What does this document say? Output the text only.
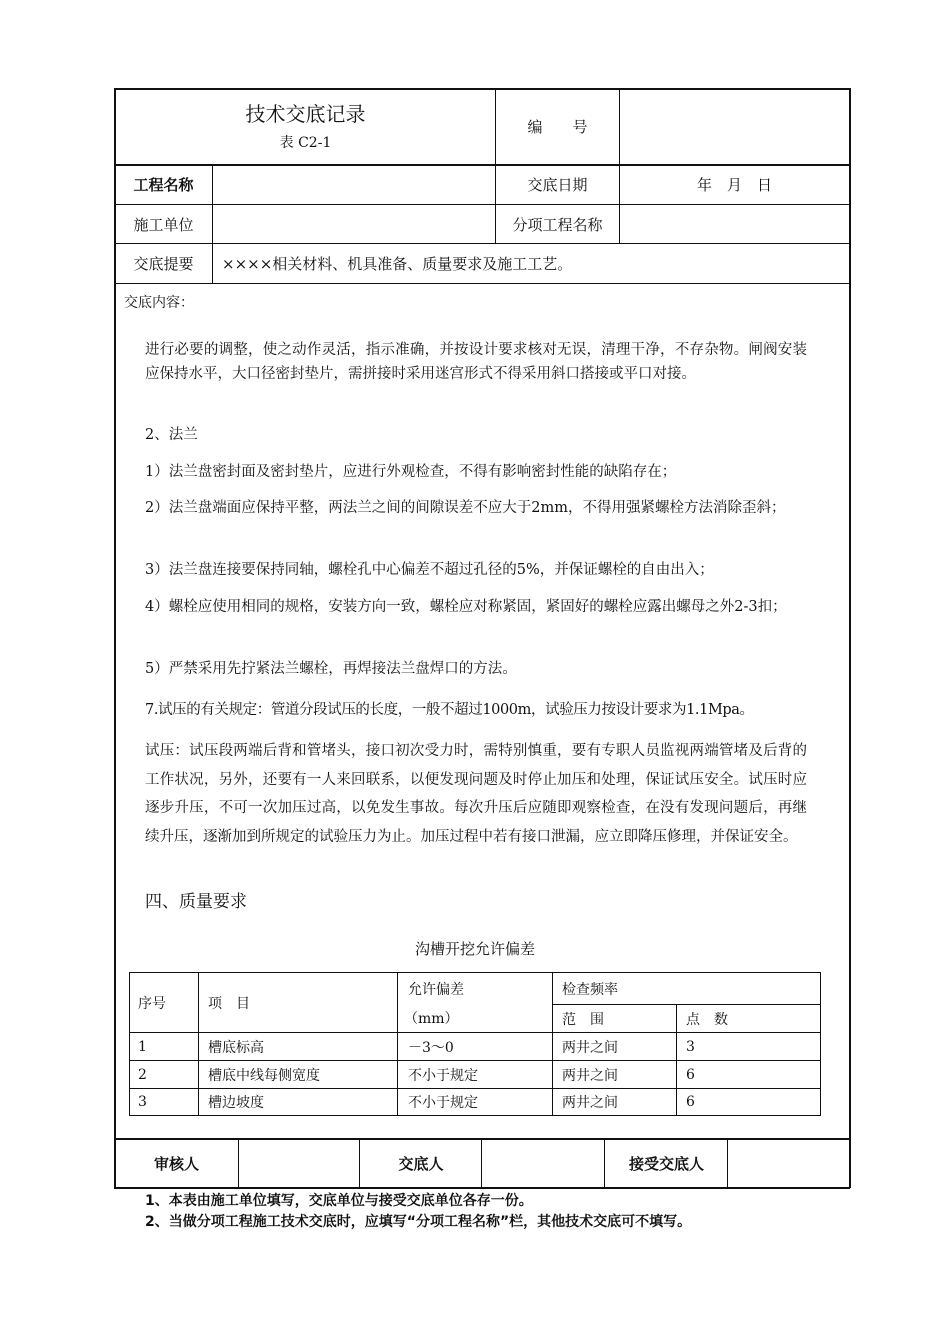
技术交底记录
表 C2-1
编　　号
工程名称	交底日期	年　月　日
施工单位	分项工程名称
交底提要	××××相关材料、机具准备、质量要求及施工工艺。
交底内容：
进行必要的调整，使之动作灵活，指示准确，并按设计要求核对无误，清理干净，不存杂物。闸阀安装应保持水平，大口径密封垫片，需拼接时采用迷宫形式不得采用斜口搭接或平口对接。
2、法兰
1）法兰盘密封面及密封垫片，应进行外观检查，不得有影响密封性能的缺陷存在；
2）法兰盘端面应保持平整，两法兰之间的间隙误差不应大于2mm，不得用强紧螺栓方法消除歪斜；
3）法兰盘连接要保持同轴，螺栓孔中心偏差不超过孔径的5%，并保证螺栓的自由出入；
4）螺栓应使用相同的规格，安装方向一致，螺栓应对称紧固，紧固好的螺栓应露出螺母之外2-3扣；
5）严禁采用先拧紧法兰螺栓，再焊接法兰盘焊口的方法。
7.试压的有关规定：管道分段试压的长度，一般不超过1000m，试验压力按设计要求为1.1Mpa。
试压：试压段两端后背和管堵头，接口初次受力时，需特别慎重，要有专职人员监视两端管堵及后背的工作状况，另外，还要有一人来回联系，以便发现问题及时停止加压和处理，保证试压安全。试压时应逐步升压，不可一次加压过高，以免发生事故。每次升压后应随即观察检查，在没有发现问题后，再继续升压，逐渐加到所规定的试验压力为止。加压过程中若有接口泄漏，应立即降压修理，并保证安全。
四、质量要求
沟槽开挖允许偏差
序号	项　目
允许偏差
（mm）
检查频率
范　围	点　数
1	槽底标高	－3～0	两井之间	3
2	槽底中线每侧宽度	不小于规定	两井之间	6
3	槽边坡度	不小于规定	两井之间	6
审核人	交底人	接受交底人
1、本表由施工单位填写，交底单位与接受交底单位各存一份。
2、当做分项工程施工技术交底时，应填写“分项工程名称”栏，其他技术交底可不填写。
